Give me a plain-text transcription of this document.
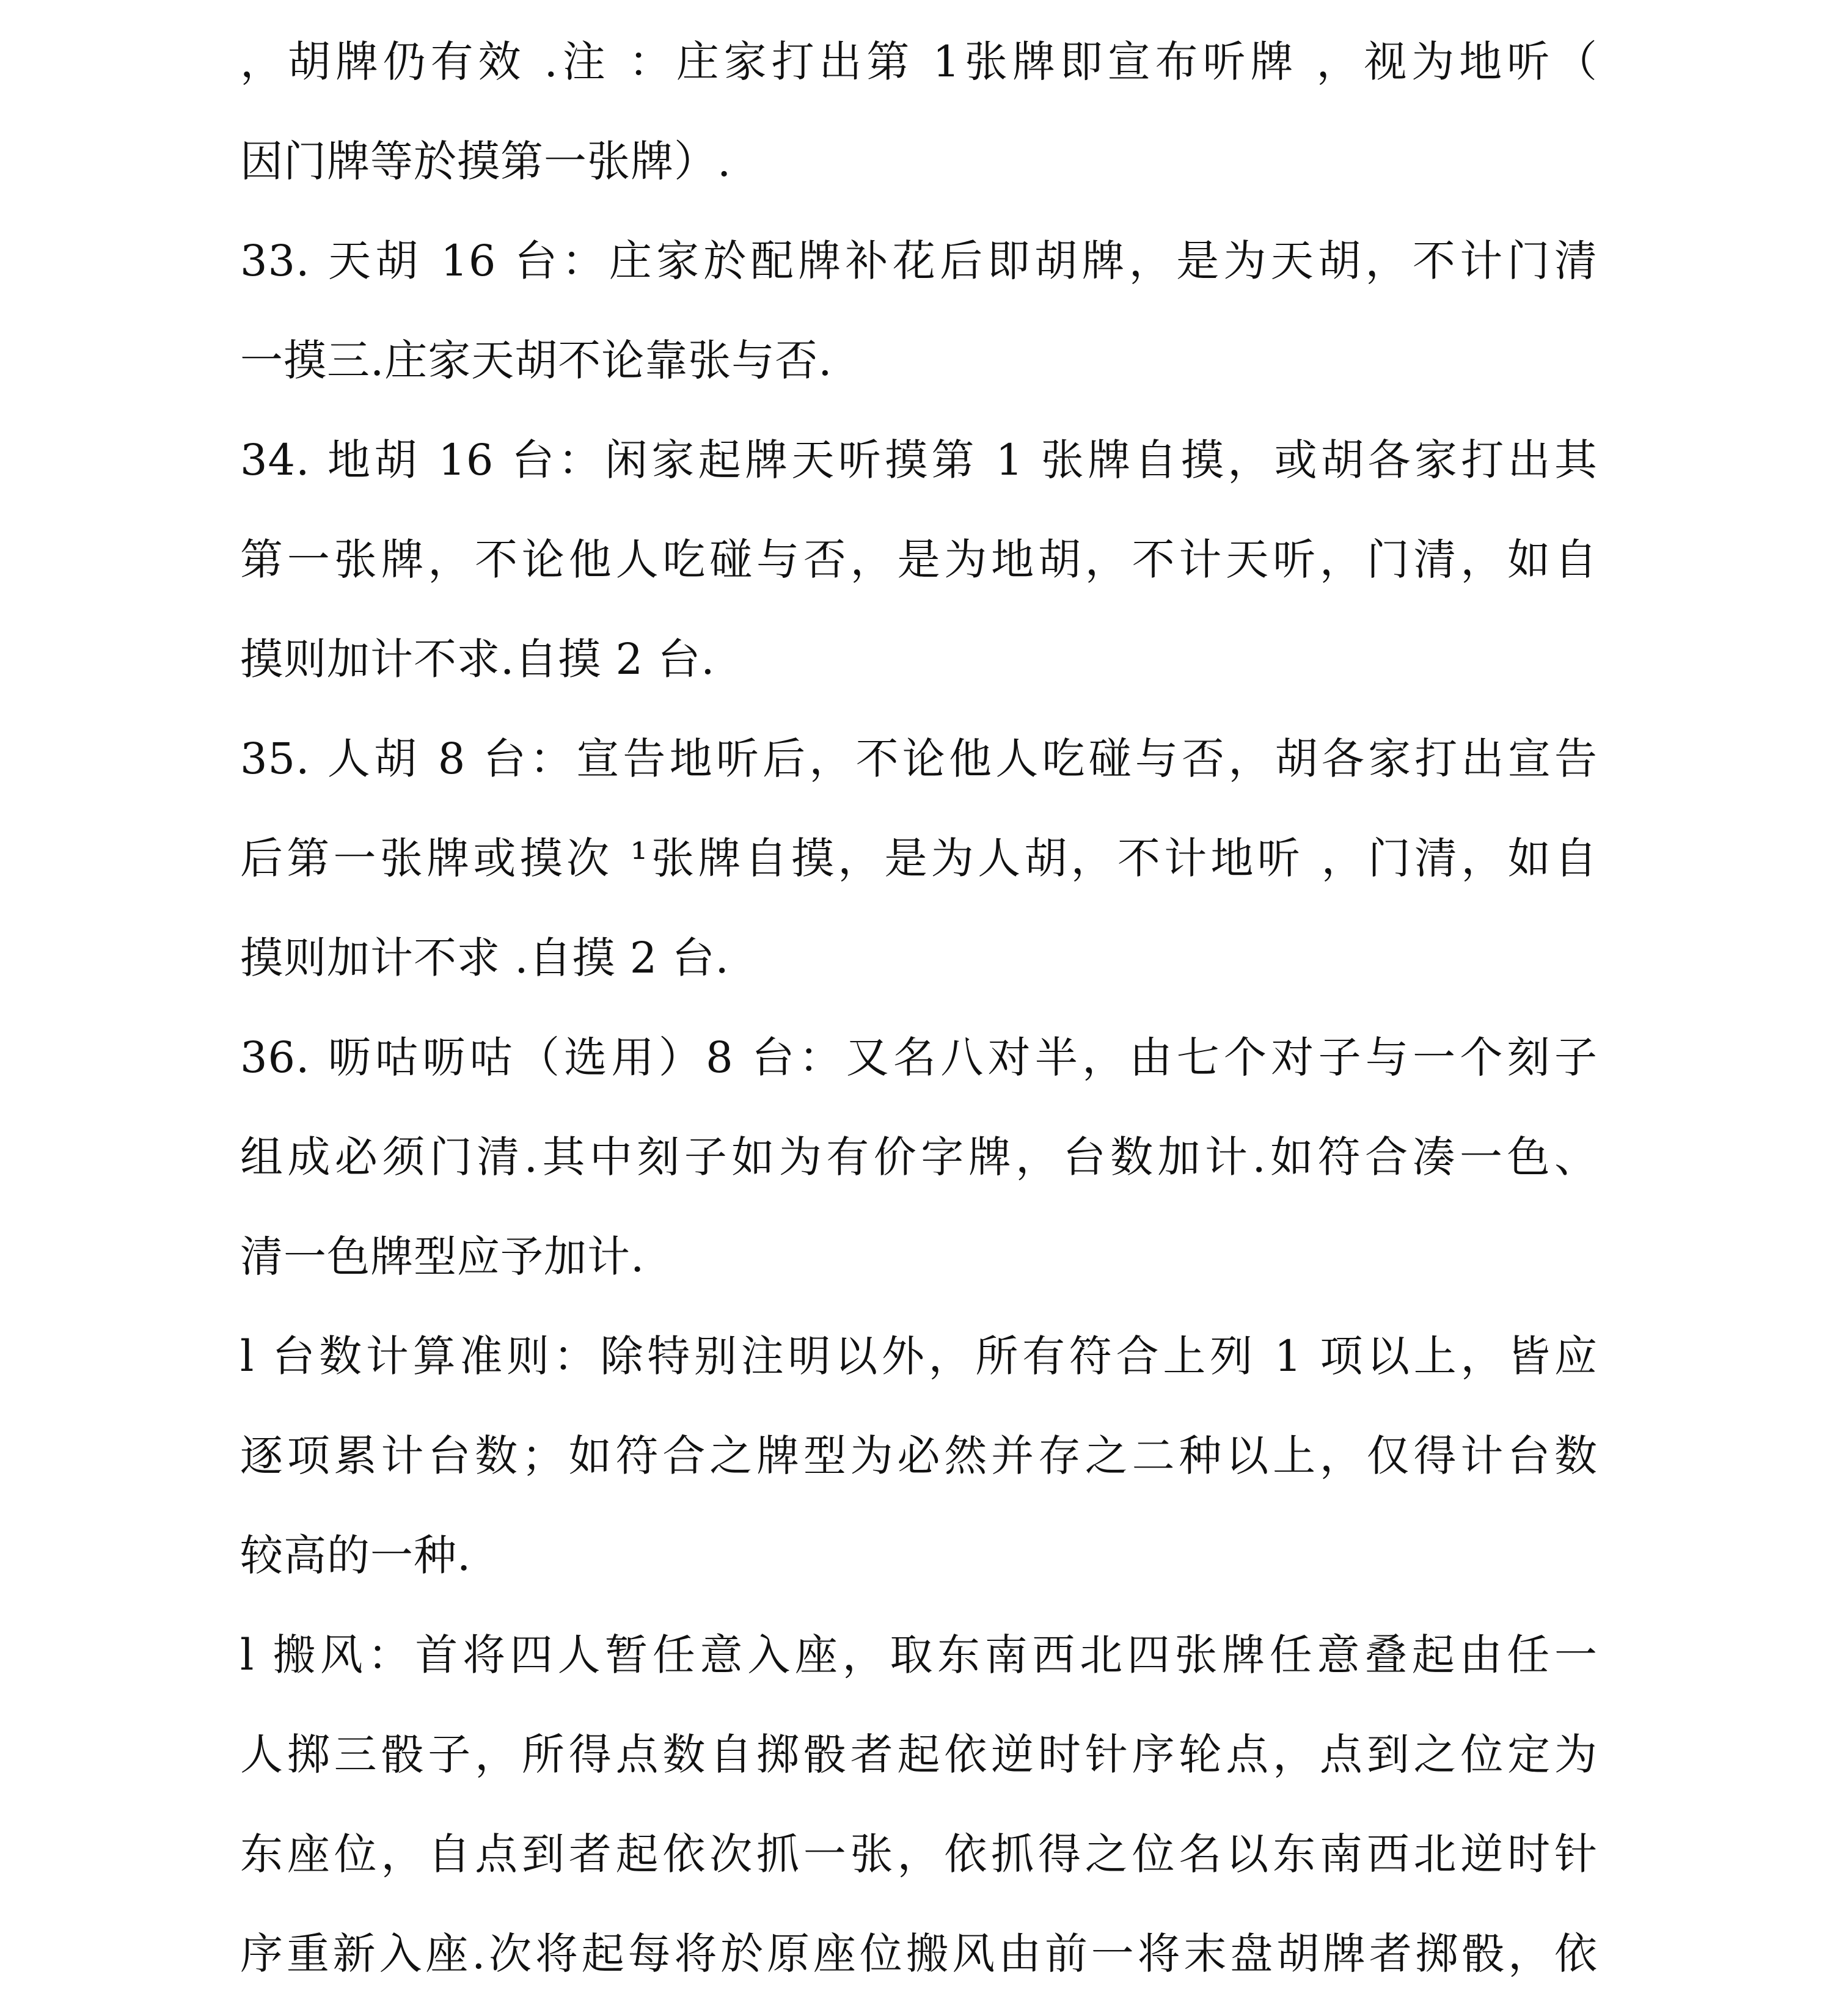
，胡牌仍有效 .注 ：庄家打出第 1张牌即宣布听牌 ，视为地听（
因门牌等於摸第一张牌）.
33. 天胡 16 台：庄家於配牌补花后即胡牌，是为天胡，不计门清
一摸三.庄家天胡不论靠张与否.
34. 地胡 16 台：闲家起牌天听摸第 1 张牌自摸，或胡各家打出其
第一张牌，不论他人吃碰与否，是为地胡，不计天听，门清，如自
摸则加计不求.自摸 2 台.
35. 人胡 8 台：宣告地听后，不论他人吃碰与否，胡各家打出宣告
后第一张牌或摸次 ¹张牌自摸，是为人胡，不计地听 ，门清，如自
摸则加计不求 .自摸 2 台.
36. 呖咕呖咕（选用）8 台：又名八对半，由七个对子与一个刻子
组成必须门清.其中刻子如为有价字牌，台数加计.如符合凑一色、
清一色牌型应予加计.
l 台数计算准则：除特别注明以外，所有符合上列 1 项以上，皆应
逐项累计台数；如符合之牌型为必然并存之二种以上，仅得计台数
较高的一种.
l 搬风：首将四人暂任意入座，取东南西北四张牌任意叠起由任一
人掷三骰子，所得点数自掷骰者起依逆时针序轮点，点到之位定为
东座位，自点到者起依次抓一张，依抓得之位名以东南西北逆时针
序重新入座.次将起每将於原座位搬风由前一将末盘胡牌者掷骰，依
